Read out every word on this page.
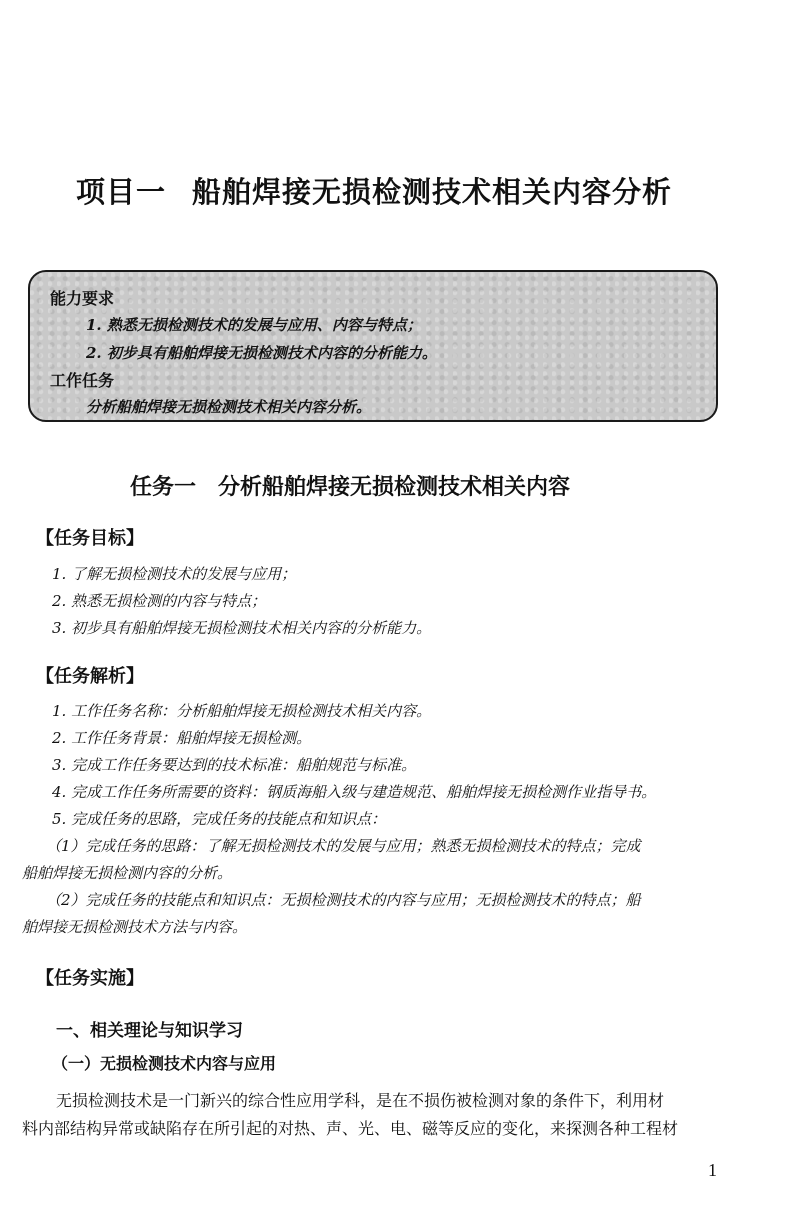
项目一 船舶焊接无损检测技术相关内容分析
能力要求
1. 熟悉无损检测技术的发展与应用、内容与特点；
2. 初步具有船舶焊接无损检测技术内容的分析能力。
工作任务
分析船舶焊接无损检测技术相关内容分析。
任务一 分析船舶焊接无损检测技术相关内容
【任务目标】
1. 了解无损检测技术的发展与应用；
2. 熟悉无损检测的内容与特点；
3. 初步具有船舶焊接无损检测技术相关内容的分析能力。
【任务解析】
1. 工作任务名称：分析船舶焊接无损检测技术相关内容。
2. 工作任务背景：船舶焊接无损检测。
3. 完成工作任务要达到的技术标准：船舶规范与标准。
4. 完成工作任务所需要的资料：钢质海船入级与建造规范、船舶焊接无损检测作业指导书。
5. 完成任务的思路，完成任务的技能点和知识点：
（1）完成任务的思路：了解无损检测技术的发展与应用；熟悉无损检测技术的特点；完成
船舶焊接无损检测内容的分析。
（2）完成任务的技能点和知识点：无损检测技术的内容与应用；无损检测技术的特点；船
舶焊接无损检测技术方法与内容。
【任务实施】
一、相关理论与知识学习
（一）无损检测技术内容与应用
无损检测技术是一门新兴的综合性应用学科，是在不损伤被检测对象的条件下，利用材
料内部结构异常或缺陷存在所引起的对热、声、光、电、磁等反应的变化，来探测各种工程材
1
